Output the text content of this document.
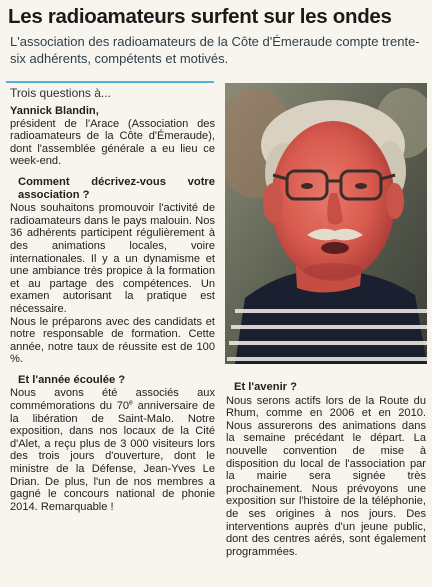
Les radioamateurs surfent sur les ondes
L'association des radioamateurs de la Côte d'Émeraude compte trente-six adhérents, compétents et motivés.
Trois questions à...

Yannick Blandin,
président de l'Arace (Association des radioamateurs de la Côte d'Émeraude), dont l'assemblée générale a eu lieu ce week-end.

Comment décrivez-vous votre association ?

Nous souhaitons promouvoir l'activité de radioamateurs dans le pays malouin. Nos 36 adhérents participent régulièrement à des animations locales, voire internationales. Il y a un dynamisme et une ambiance très propice à la formation et au partage des compétences. Un examen autorisant la pratique est nécessaire.

Nous le préparons avec des candidats et notre responsable de formation. Cette année, notre taux de réussite est de 100 %.

Et l'année écoulée ?

Nous avons été associés aux commémorations du 70e anniversaire de la libération de Saint-Malo. Notre exposition, dans nos locaux de la Cité d'Alet, a reçu plus de 3 000 visiteurs lors des trois jours d'ouverture, dont le ministre de la Défense, Jean-Yves Le Drian. De plus, l'un de nos membres a gagné le concours national de phonie 2014. Remarquable !

Et l'avenir ?

Nous serons actifs lors de la Route du Rhum, comme en 2006 et en 2010. Nous assurerons des animations dans la semaine précédant le départ. La nouvelle convention de mise à disposition du local de l'association par la mairie sera signée très prochainement. Nous prévoyons une exposition sur l'histoire de la téléphonie, de ses origines à nos jours. Des interventions auprès d'un jeune public, dont des centres aérés, sont également programmées.
